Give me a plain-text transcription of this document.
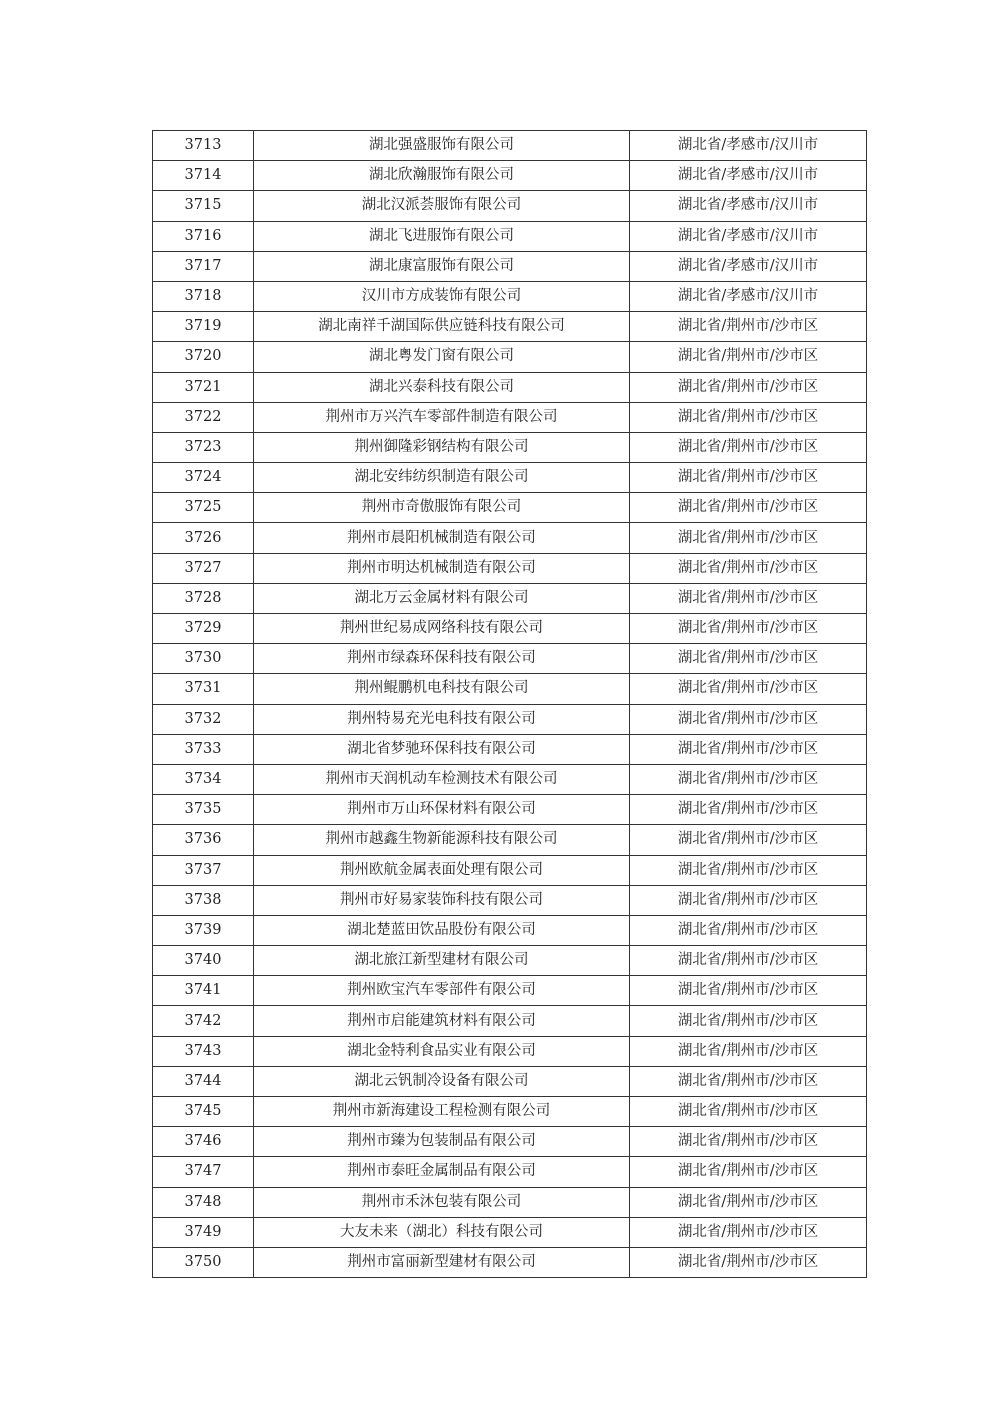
3713	湖北强盛服饰有限公司	湖北省/孝感市/汉川市
3714	湖北欣瀚服饰有限公司	湖北省/孝感市/汉川市
3715	湖北汉派荟服饰有限公司	湖北省/孝感市/汉川市
3716	湖北飞进服饰有限公司	湖北省/孝感市/汉川市
3717	湖北康富服饰有限公司	湖北省/孝感市/汉川市
3718	汉川市方成装饰有限公司	湖北省/孝感市/汉川市
3719	湖北南祥千湖国际供应链科技有限公司	湖北省/荆州市/沙市区
3720	湖北粤发门窗有限公司	湖北省/荆州市/沙市区
3721	湖北兴泰科技有限公司	湖北省/荆州市/沙市区
3722	荆州市万兴汽车零部件制造有限公司	湖北省/荆州市/沙市区
3723	荆州御隆彩钢结构有限公司	湖北省/荆州市/沙市区
3724	湖北安纬纺织制造有限公司	湖北省/荆州市/沙市区
3725	荆州市奇傲服饰有限公司	湖北省/荆州市/沙市区
3726	荆州市晨阳机械制造有限公司	湖北省/荆州市/沙市区
3727	荆州市明达机械制造有限公司	湖北省/荆州市/沙市区
3728	湖北万云金属材料有限公司	湖北省/荆州市/沙市区
3729	荆州世纪易成网络科技有限公司	湖北省/荆州市/沙市区
3730	荆州市绿森环保科技有限公司	湖北省/荆州市/沙市区
3731	荆州鲲鹏机电科技有限公司	湖北省/荆州市/沙市区
3732	荆州特易充光电科技有限公司	湖北省/荆州市/沙市区
3733	湖北省梦驰环保科技有限公司	湖北省/荆州市/沙市区
3734	荆州市天润机动车检测技术有限公司	湖北省/荆州市/沙市区
3735	荆州市万山环保材料有限公司	湖北省/荆州市/沙市区
3736	荆州市越鑫生物新能源科技有限公司	湖北省/荆州市/沙市区
3737	荆州欧航金属表面处理有限公司	湖北省/荆州市/沙市区
3738	荆州市好易家装饰科技有限公司	湖北省/荆州市/沙市区
3739	湖北楚蓝田饮品股份有限公司	湖北省/荆州市/沙市区
3740	湖北旅江新型建材有限公司	湖北省/荆州市/沙市区
3741	荆州欧宝汽车零部件有限公司	湖北省/荆州市/沙市区
3742	荆州市启能建筑材料有限公司	湖北省/荆州市/沙市区
3743	湖北金特利食品实业有限公司	湖北省/荆州市/沙市区
3744	湖北云钒制冷设备有限公司	湖北省/荆州市/沙市区
3745	荆州市新海建设工程检测有限公司	湖北省/荆州市/沙市区
3746	荆州市臻为包装制品有限公司	湖北省/荆州市/沙市区
3747	荆州市泰旺金属制品有限公司	湖北省/荆州市/沙市区
3748	荆州市禾沐包装有限公司	湖北省/荆州市/沙市区
3749	大友未来（湖北）科技有限公司	湖北省/荆州市/沙市区
3750	荆州市富丽新型建材有限公司	湖北省/荆州市/沙市区
